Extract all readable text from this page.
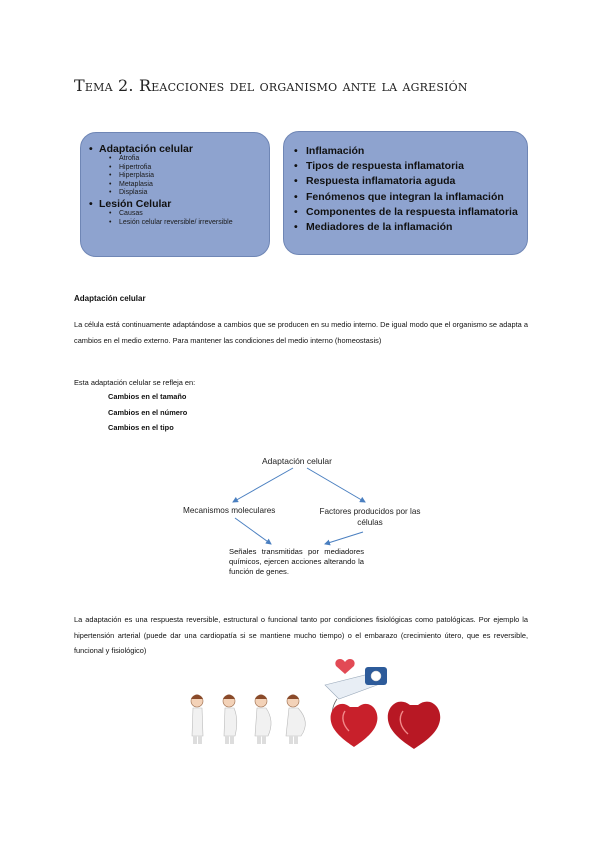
Tema 2. Reacciones del organismo ante la agresión
• Adaptación celular
• Atrofia
• Hipertrofia
• Hiperplasia
• Metaplasia
• Displasia
• Lesión Celular
• Causas
• Lesión celular reversible/ irreversible
• Inflamación
• Tipos de respuesta inflamatoria
• Respuesta inflamatoria aguda
• Fenómenos que integran la inflamación
• Componentes de la respuesta inflamatoria
• Mediadores de la inflamación
Adaptación celular
La célula está continuamente adaptándose a cambios que se producen en su medio interno. De igual modo que el organismo se adapta a cambios en el medio externo. Para mantener las condiciones del medio interno (homeostasis)
Esta adaptación celular se refleja en:
Cambios en el tamaño
Cambios en el número
Cambios en el tipo
Adaptación celular
Mecanismos moleculares	Factores producidos por las células
Señales transmitidas por mediadores químicos, ejercen acciones alterando la función de genes.
La adaptación es una respuesta reversible, estructural o funcional tanto por condiciones fisiológicas como patológicas. Por ejemplo la hipertensión arterial (puede dar una cardiopatía si se mantiene mucho tiempo) o el embarazo (crecimiento útero, que es reversible, funcional y fisiológico)
